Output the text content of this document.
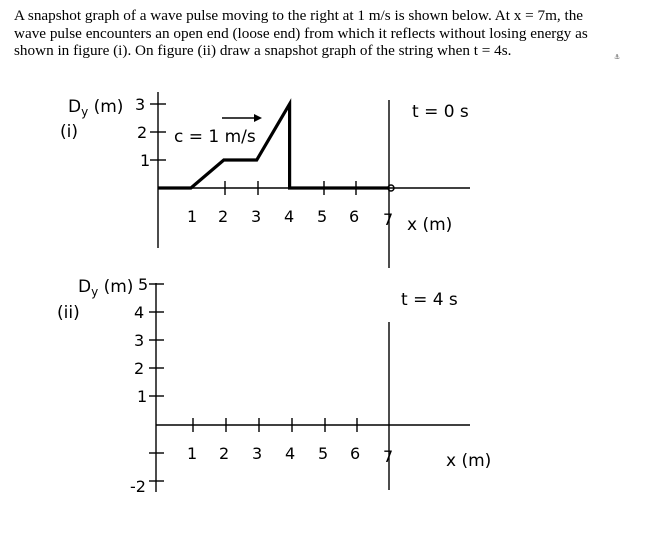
A snapshot graph of a wave pulse moving to the right at 1 m/s is shown below. At x = 7m, the
wave pulse encounters an open end (loose end) from which it reflects without losing energy as
shown in figure (i). On figure (ii) draw a snapshot graph of the string when t = 4s.	⚓
(i)
$D_y$ (m)	t = 0 s
x (m)
3
2
1
1 2 3 4 5 6 7
c = 1 m/s
(ii)
$D_y$ (m)
t = 4 s
x (m)
5
4
3
2
1
-2
1 2 3 4 5 6 7
